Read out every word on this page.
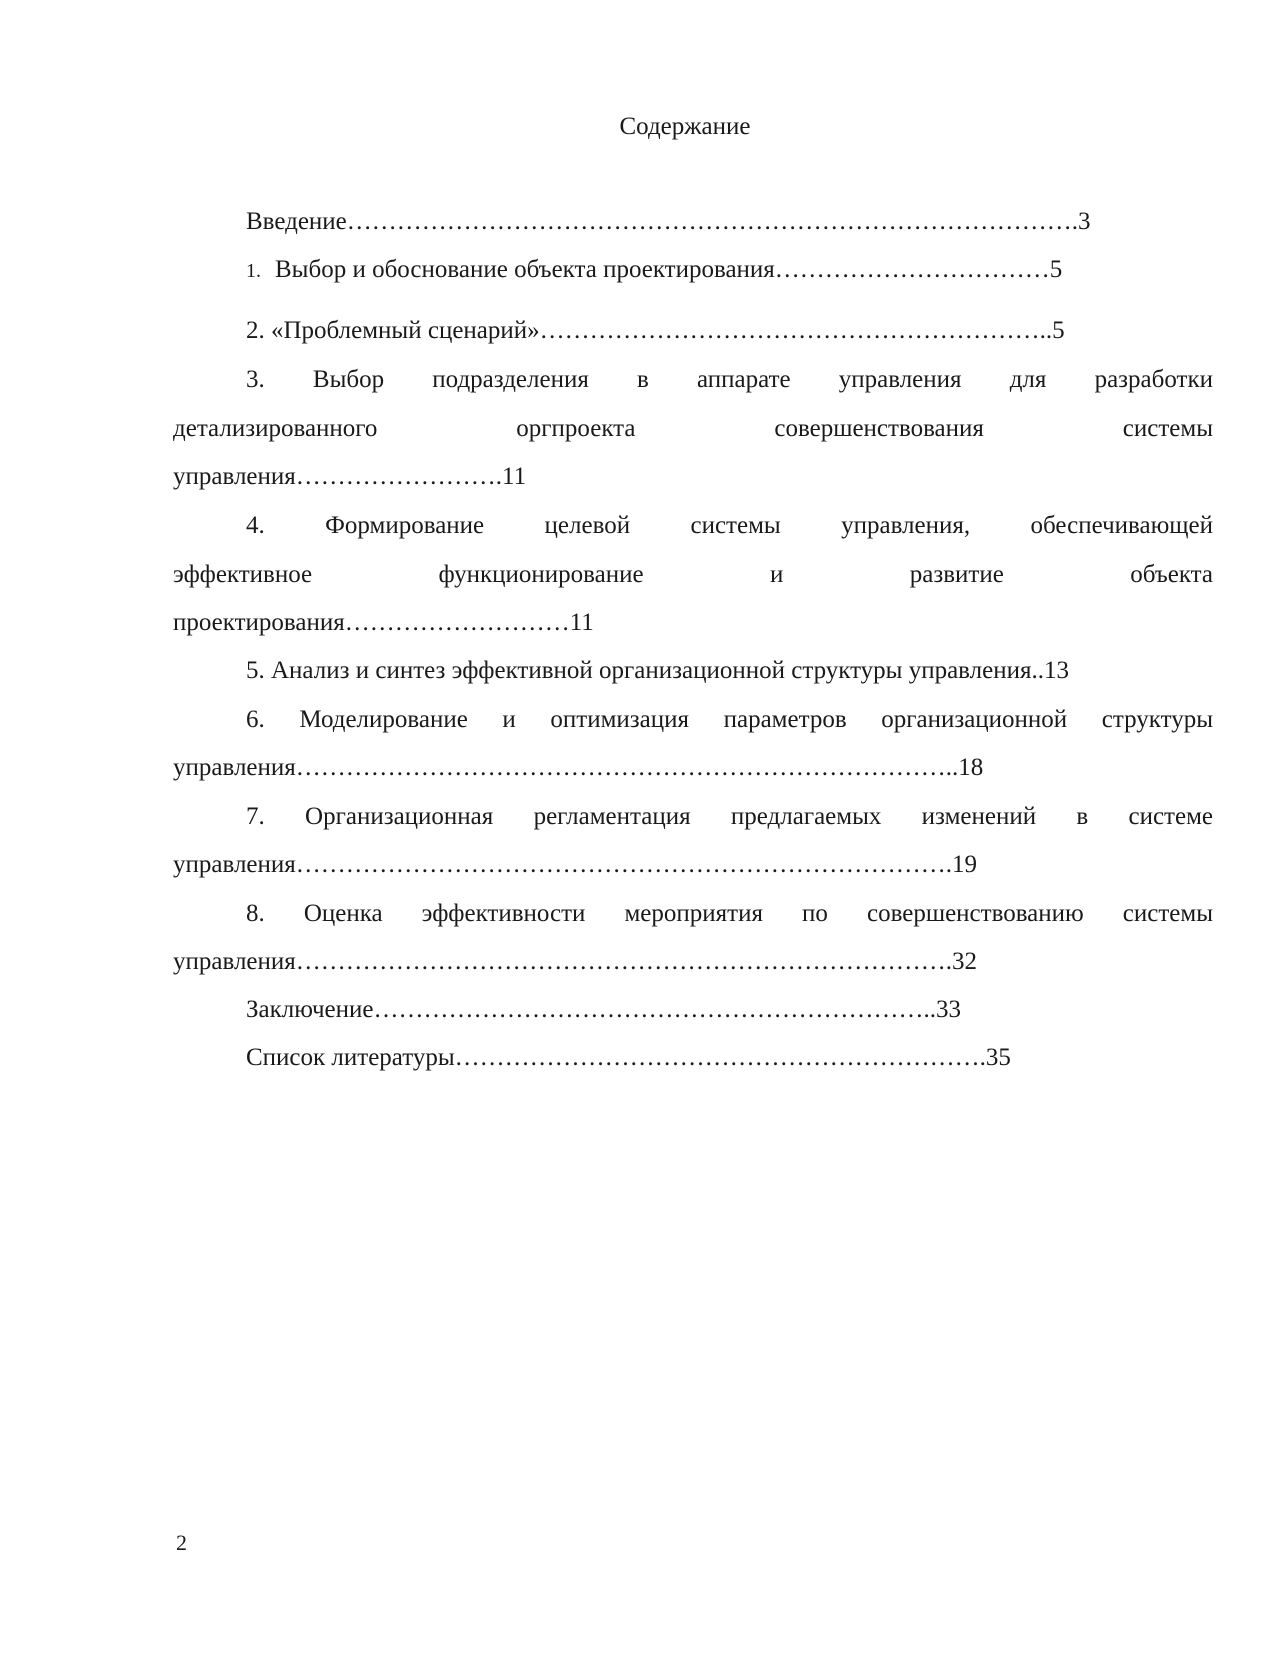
Содержание
Введение…………………………………………………………………………….3
1. Выбор и обоснование объекта проектирования……………………………5
2. «Проблемный сценарий»……………………………………………………..5
3. Выбор подразделения в аппарате управления для разработки
детализированного оргпроекта совершенствования системы
управления…………………….11
4. Формирование целевой системы управления, обеспечивающей
эффективное функционирование и развитие объекта
проектирования………………………11
5. Анализ и синтез эффективной организационной структуры управления..13
6. Моделирование и оптимизация параметров организационной структуры
управления……………………………………………………………………..18
7. Организационная регламентация предлагаемых изменений в системе
управления…………………………………………………………………….19
8. Оценка эффективности мероприятия по совершенствованию системы
управления…………………………………………………………………….32
Заключение…………………………………………………………..33
Список литературы……………………………………………………….35
2
